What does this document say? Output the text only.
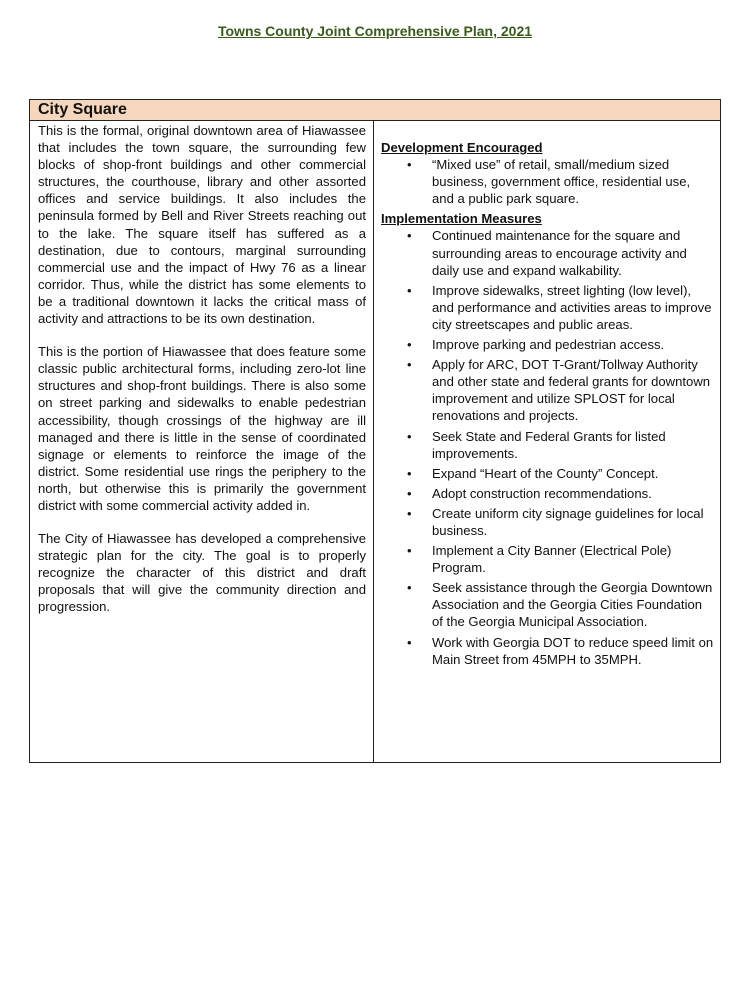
Towns County Joint Comprehensive Plan, 2021
City Square

This is the formal, original downtown area of Hiawassee that includes the town square, the surrounding few blocks of shop-front buildings and other commercial structures, the courthouse, library and other assorted offices and service buildings. It also includes the peninsula formed by Bell and River Streets reaching out to the lake. The square itself has suffered as a destination, due to contours, marginal surrounding commercial use and the impact of Hwy 76 as a linear corridor. Thus, while the district has some elements to be a traditional downtown it lacks the critical mass of activity and attractions to be its own destination.

This is the portion of Hiawassee that does feature some classic public architectural forms, including zero-lot line structures and shop-front buildings. There is also some on street parking and sidewalks to enable pedestrian accessibility, though crossings of the highway are ill managed and there is little in the sense of coordinated signage or elements to reinforce the image of the district. Some residential use rings the periphery to the north, but otherwise this is primarily the government district with some commercial activity added in.

The City of Hiawassee has developed a comprehensive strategic plan for the city. The goal is to properly recognize the character of this district and draft proposals that will give the community direction and progression.

Development Encouraged
• “Mixed use” of retail, small/medium sized business, government office, residential use, and a public park square.
Implementation Measures
• Continued maintenance for the square and surrounding areas to encourage activity and daily use and expand walkability.
• Improve sidewalks, street lighting (low level), and performance and activities areas to improve city streetscapes and public areas.
• Improve parking and pedestrian access.
• Apply for ARC, DOT T-Grant/Tollway Authority and other state and federal grants for downtown improvement and utilize SPLOST for local renovations and projects.
• Seek State and Federal Grants for listed improvements.
• Expand “Heart of the County” Concept.
• Adopt construction recommendations.
• Create uniform city signage guidelines for local business.
• Implement a City Banner (Electrical Pole) Program.
• Seek assistance through the Georgia Downtown Association and the Georgia Cities Foundation of the Georgia Municipal Association.
• Work with Georgia DOT to reduce speed limit on Main Street from 45MPH to 35MPH.
